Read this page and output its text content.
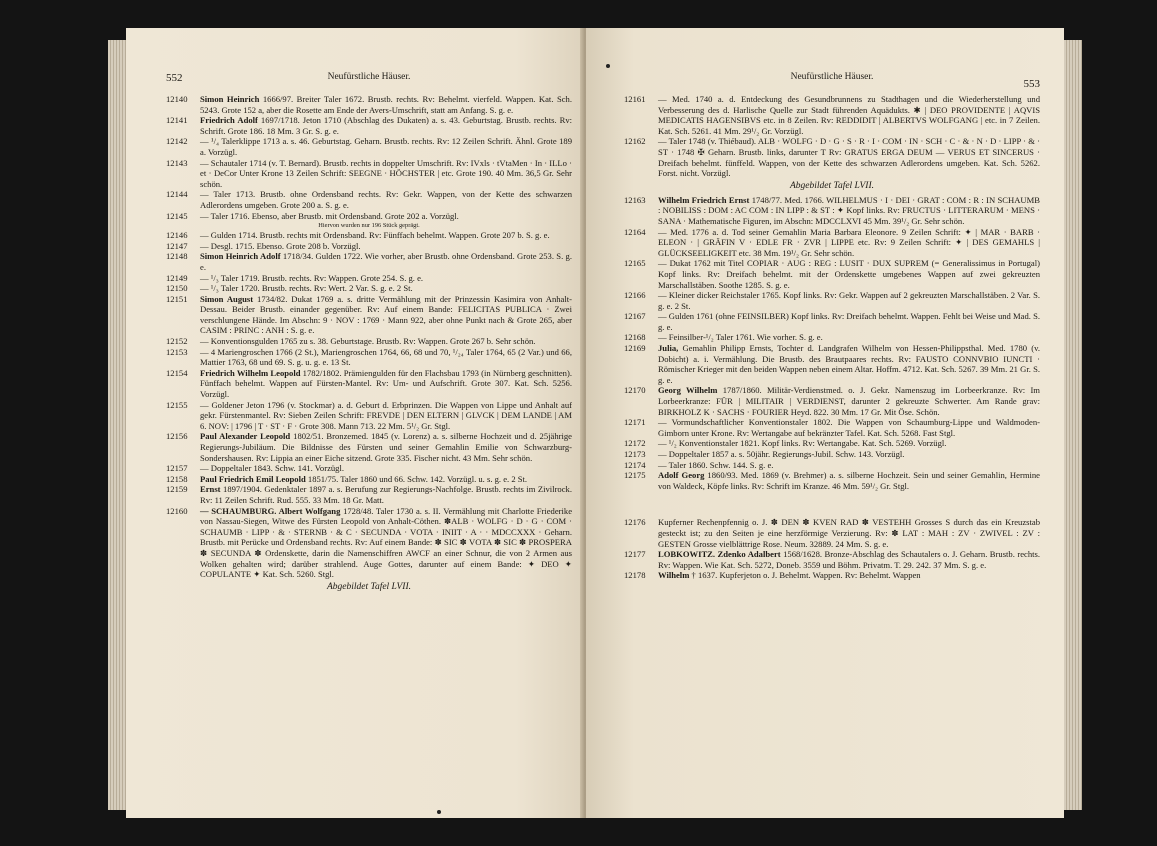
552	Neufürstliche Häuser.
12140	Simon Heinrich 1666/97. Breiter Taler 1672. Brustb. rechts. Rv: Behelmt. vierfeld. Wappen. Kat. Sch. 5243. Grote 152 a, aber die Rosette am Ende der Avers-Umschrift, statt am Anfang. S. g. e.
12141	Friedrich Adolf 1697/1718. Jeton 1710 (Abschlag des Dukaten) a. s. 43. Geburtstag. Brustb. rechts. Rv: Schrift. Grote 186. 18 Mm. 3 Gr. S. g. e.
12142	— ¹/₄ Talerklippe 1713 a. s. 46. Geburtstag. Geharn. Brustb. rechts. Rv: 12 Zeilen Schrift. Ähnl. Grote 189 a. Vorzügl.
12143	— Schautaler 1714 (v. T. Bernard). Brustb. rechts in doppelter Umschrift. Rv: IVxls · tVtaMen · In · ILLo · et · DeCor Unter Krone 13 Zeilen Schrift: SEEGNE · HÖCHSTER | etc. Grote 190. 40 Mm. 36,5 Gr. Sehr schön.
12144	— Taler 1713. Brustb. ohne Ordensband rechts. Rv: Gekr. Wappen, von der Kette des schwarzen Adlerordens umgeben. Grote 200 a. S. g. e.
12145	— Taler 1716. Ebenso, aber Brustb. mit Ordensband. Grote 202 a. Vorzügl.
Hiervon wurden nur 196 Stück geprägt.
12146	— Gulden 1714. Brustb. rechts mit Ordensband. Rv: Fünffach behelmt. Wappen. Grote 207 b. S. g. e.
12147	— Desgl. 1715. Ebenso. Grote 208 b. Vorzügl.
12148	Simon Heinrich Adolf 1718/34. Gulden 1722. Wie vorher, aber Brustb. ohne Ordensband. Grote 253. S. g. e.
12149	— ¹/₃ Taler 1719. Brustb. rechts. Rv: Wappen. Grote 254. S. g. e.
12150	— ¹/₃ Taler 1720. Brustb. rechts. Rv: Wert. 2 Var. S. g. e. 2 St.
12151	Simon August 1734/82. Dukat 1769 a. s. dritte Vermählung mit der Prinzessin Kasimira von Anhalt-Dessau. Beider Brustb. einander gegenüber. Rv: Auf einem Bande: FELICITAS PUBLICA · Zwei verschlungene Hände. Im Abschn: 9 · NOV : 1769 · Mann 922, aber ohne Punkt nach & Grote 265, aber CASIM : PRINC : ANH : S. g. e.
12152	— Konventionsgulden 1765 zu s. 38. Geburtstage. Brustb. Rv: Wappen. Grote 267 b. Sehr schön.
12153	— 4 Mariengroschen 1766 (2 St.), Mariengroschen 1764, 66, 68 und 70, ¹/₂₄ Taler 1764, 65 (2 Var.) und 66, Mattier 1763, 68 und 69. S. g. u. g. e. 13 St.
12154	Friedrich Wilhelm Leopold 1782/1802. Prämiengulden für den Flachsbau 1793 (in Nürnberg geschnitten). Fünffach behelmt. Wappen auf Fürsten-Mantel. Rv: Um- und Aufschrift. Grote 307. Kat. Sch. 5256. Vorzügl.
12155	— Goldener Jeton 1796 (v. Stockmar) a. d. Geburt d. Erbprinzen. Die Wappen von Lippe und Anhalt auf gekr. Fürstenmantel. Rv: Sieben Zeilen Schrift: FREVDE | DEN ELTERN | GLVCK | DEM LANDE | AM 6. NOV: | 1796 | T · ST · F · Grote 308. Mann 713. 22 Mm. 5¹/₂ Gr. Stgl.
12156	Paul Alexander Leopold 1802/51. Bronzemed. 1845 (v. Lorenz) a. s. silberne Hochzeit und d. 25jährige Regierungs-Jubiläum. Die Bildnisse des Fürsten und seiner Gemahlin Emilie von Schwarzburg-Sondershausen. Rv: Lippia an einer Eiche sitzend. Grote 335. Fischer nicht. 43 Mm. Sehr schön.
12157	— Doppeltaler 1843. Schw. 141. Vorzügl.
12158	Paul Friedrich Emil Leopold 1851/75. Taler 1860 und 66. Schw. 142. Vorzügl. u. s. g. e. 2 St.
12159	Ernst 1897/1904. Gedenktaler 1897 a. s. Berufung zur Regierungs-Nachfolge. Brustb. rechts im Zivilrock. Rv: 11 Zeilen Schrift. Rud. 555. 33 Mm. 18 Gr. Matt.
12160	— SCHAUMBURG. Albert Wolfgang 1728/48. Taler 1730 a. s. II. Vermählung mit Charlotte Friederike von Nassau-Siegen, Witwe des Fürsten Leopold von Anhalt-Cöthen. ✽ALB · WOLFG · D · G · COM · SCHAUMB · LIPP · & · STERNB · & C · SECUNDA · VOTA · INIIT · A · · MDCCXXX · Geharn. Brustb. mit Perücke und Ordensband rechts. Rv: Auf einem Bande: ✽ SIC ✽ VOTA ✽ SIC ✽ PROSPERA ✽ SECUNDA ✽ Ordenskette, darin die Namenschiffren AWCF an einer Schnur, die von 2 Armen aus Wolken gehalten wird; darüber strahlend. Auge Gottes, darunter auf einem Bande: ✦ DEO ✦ COPULANTE ✦ Kat. Sch. 5260. Stgl.
Abgebildet Tafel LVII.
Neufürstliche Häuser.
553
12161	— Med. 1740 a. d. Entdeckung des Gesundbrunnens zu Stadthagen und die Wiederherstellung und Verbesserung des d. Harlische Quelle zur Stadt führenden Aquädukts. ✱ | DEO PROVIDENTE | AQVIS MEDICATIS HAGENSIBVS etc. in 8 Zeilen. Rv: REDDIDIT | ALBERTVS WOLFGANG | etc. in 7 Zeilen. Kat. Sch. 5261. 41 Mm. 29¹/₂ Gr. Vorzügl.
12162	— Taler 1748 (v. Thiébaud). ALB · WOLFG · D · G · S · R · I · COM · IN · SCH · C · & · N · D · LIPP · & · ST · 1748 ✠ Geharn. Brustb. links, darunter T Rv: GRATUS ERGA DEUM — VERUS ET SINCERUS · Dreifach behelmt. fünffeld. Wappen, von der Kette des schwarzen Adlerordens umgeben. Kat. Sch. 5262. Forst. nicht. Vorzügl.
Abgebildet Tafel LVII.
12163	Wilhelm Friedrich Ernst 1748/77. Med. 1766. WILHELMUS · I · DEI · GRAT : COM : R : IN SCHAUMB : NOBILISS : DOM : AC COM : IN LIPP : & ST : ✦ Kopf links. Rv: FRUCTUS · LITTERARUM · MENS · SANA · Mathematische Figuren, im Abschn: MDCCLXVI 45 Mm. 39¹/₂ Gr. Sehr schön.
12164	— Med. 1776 a. d. Tod seiner Gemahlin Maria Barbara Eleonore. 9 Zeilen Schrift: ✦ | MAR · BARB · ELEON · | GRÄFIN V · EDLE FR · ZVR | LIPPE etc. Rv: 9 Zeilen Schrift: ✦ | DES GEMAHLS | GLÜCKSEELIGKEIT etc. 38 Mm. 19¹/₂ Gr. Sehr schön.
12165	— Dukat 1762 mit Titel COPIAR · AUG : REG : LUSIT · DUX SUPREM (= Generalissimus in Portugal) Kopf links. Rv: Dreifach behelmt. mit der Ordenskette umgebenes Wappen auf zwei gekreuzten Marschallstäben. Soothe 1285. S. g. e.
12166	— Kleiner dicker Reichstaler 1765. Kopf links. Rv: Gekr. Wappen auf 2 gekreuzten Marschallstäben. 2 Var. S. g. e. 2 St.
12167	— Gulden 1761 (ohne FEINSILBER) Kopf links. Rv: Dreifach behelmt. Wappen. Fehlt bei Weise und Mad. S. g. e.
12168	— Feinsilber-¹/₂ Taler 1761. Wie vorher. S. g. e.
12169	Julia, Gemahlin Philipp Ernsts, Tochter d. Landgrafen Wilhelm von Hessen-Philippsthal. Med. 1780 (v. Dobicht) a. i. Vermählung. Die Brustb. des Brautpaares rechts. Rv: FAUSTO CONNVBIO IUNCTI · Römischer Krieger mit den beiden Wappen neben einem Altar. Hoffm. 4712. Kat. Sch. 5267. 39 Mm. 21 Gr. S. g. e.
12170	Georg Wilhelm 1787/1860. Militär-Verdienstmed. o. J. Gekr. Namenszug im Lorbeerkranze. Rv: Im Lorbeerkranze: FÜR | MILITAIR | VERDIENST, darunter 2 gekreuzte Schwerter. Am Rande grav: BIRKHOLZ K · SACHS · FOURIER Heyd. 822. 30 Mm. 17 Gr. Mit Öse. Schön.
12171	— Vormundschaftlicher Konventionstaler 1802. Die Wappen von Schaumburg-Lippe und Waldmoden-Gimborn unter Krone. Rv: Wertangabe auf bekränzter Tafel. Kat. Sch. 5268. Fast Stgl.
12172	— ¹/₂ Konventionstaler 1821. Kopf links. Rv: Wertangabe. Kat. Sch. 5269. Vorzügl.
12173	— Doppeltaler 1857 a. s. 50jähr. Regierungs-Jubil. Schw. 143. Vorzügl.
12174	— Taler 1860. Schw. 144. S. g. e.
12175	Adolf Georg 1860/93. Med. 1869 (v. Brehmer) a. s. silberne Hochzeit. Sein und seiner Gemahlin, Hermine von Waldeck, Köpfe links. Rv: Schrift im Kranze. 46 Mm. 59¹/₂ Gr. Stgl.
12176	Kupferner Rechenpfennig o. J. ✽ DEN ✽ KVEN RAD ✽ VESTEHH Grosses S durch das ein Kreuzstab gesteckt ist; zu den Seiten je eine herzförmige Verzierung. Rv: ✽ LAT : MAH : ZV · ZWIVEL : ZV : GESTEN Grosse vielblättrige Rose. Neum. 32889. 24 Mm. S. g. e.
12177	LOBKOWITZ. Zdenko Adalbert 1568/1628. Bronze-Abschlag des Schautalers o. J. Geharn. Brustb. rechts. Rv: Wappen. Wie Kat. Sch. 5272, Doneb. 3559 und Böhm. Privatm. T. 29. 242. 37 Mm. S. g. e.
12178	Wilhelm † 1637. Kupferjeton o. J. Behelmt. Wappen. Rv: Behelmt. Wappen
